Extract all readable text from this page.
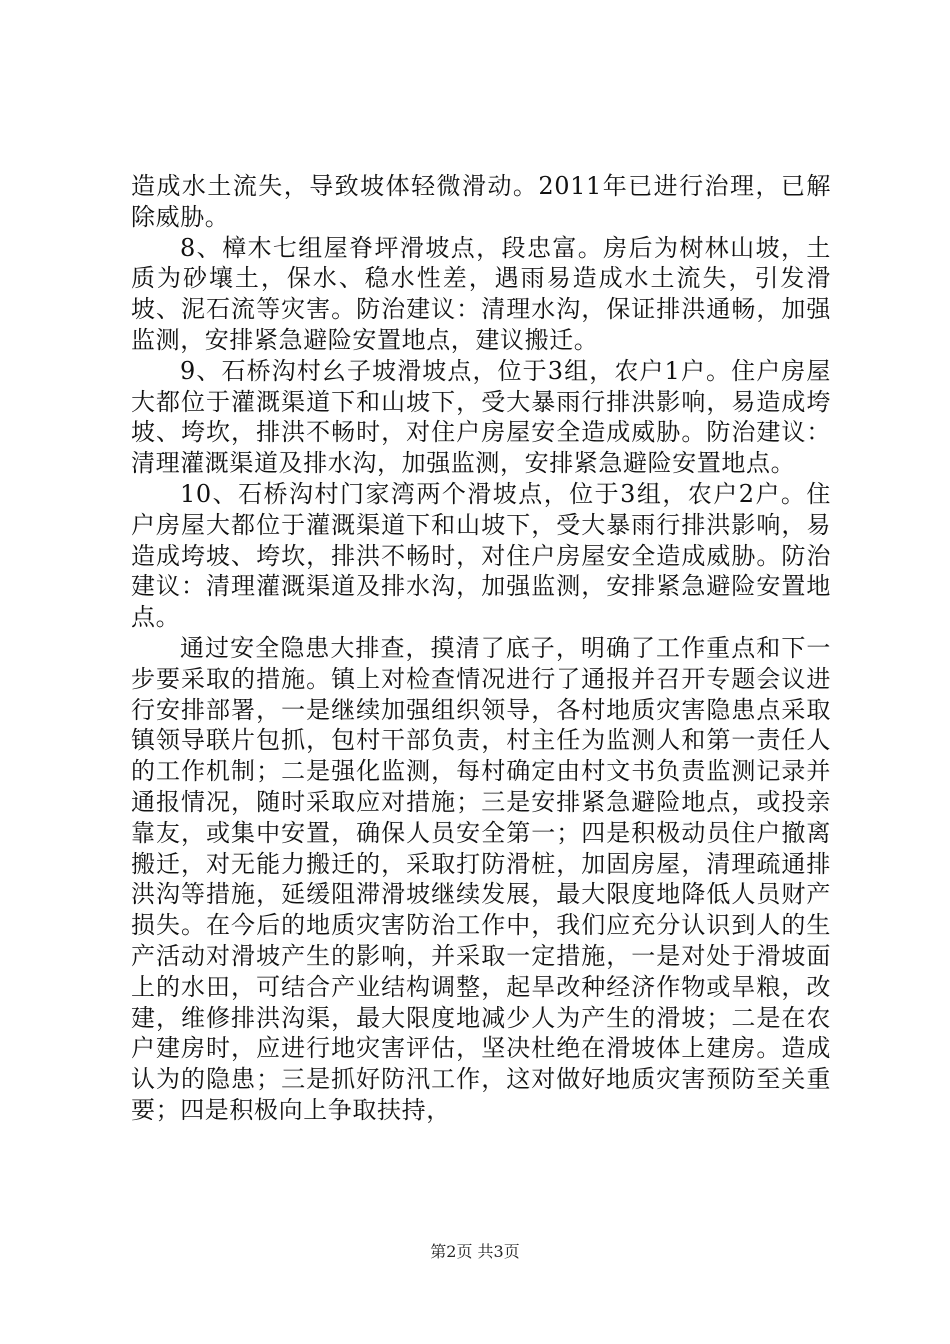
造成水土流失，导致坡体轻微滑动。2011年已进行治理，已解除威胁。

8、樟木七组屋脊坪滑坡点，段忠富。房后为树林山坡，土质为砂壤土，保水、稳水性差，遇雨易造成水土流失，引发滑坡、泥石流等灾害。防治建议：清理水沟，保证排洪通畅，加强监测，安排紧急避险安置地点，建议搬迁。

9、石桥沟村幺子坡滑坡点，位于3组，农户1户。住户房屋大都位于灌溉渠道下和山坡下，受大暴雨行排洪影响，易造成垮坡、垮坎，排洪不畅时，对住户房屋安全造成威胁。防治建议：清理灌溉渠道及排水沟，加强监测，安排紧急避险安置地点。

10、石桥沟村门家湾两个滑坡点，位于3组，农户2户。住户房屋大都位于灌溉渠道下和山坡下，受大暴雨行排洪影响，易造成垮坡、垮坎，排洪不畅时，对住户房屋安全造成威胁。防治建议：清理灌溉渠道及排水沟，加强监测，安排紧急避险安置地点。

通过安全隐患大排查，摸清了底子，明确了工作重点和下一步要采取的措施。镇上对检查情况进行了通报并召开专题会议进行安排部署，一是继续加强组织领导，各村地质灾害隐患点采取镇领导联片包抓，包村干部负责，村主任为监测人和第一责任人的工作机制；二是强化监测，每村确定由村文书负责监测记录并通报情况，随时采取应对措施；三是安排紧急避险地点，或投亲靠友，或集中安置，确保人员安全第一；四是积极动员住户撤离搬迁，对无能力搬迁的，采取打防滑桩，加固房屋，清理疏通排洪沟等措施，延缓阻滞滑坡继续发展，最大限度地降低人员财产损失。在今后的地质灾害防治工作中，我们应充分认识到人的生产活动对滑坡产生的影响，并采取一定措施，一是对处于滑坡面上的水田，可结合产业结构调整，起旱改种经济作物或旱粮，改建，维修排洪沟渠，最大限度地减少人为产生的滑坡；二是在农户建房时，应进行地灾害评估，坚决杜绝在滑坡体上建房。造成认为的隐患；三是抓好防汛工作，这对做好地质灾害预防至关重要；四是积极向上争取扶持，

第2页 共3页
